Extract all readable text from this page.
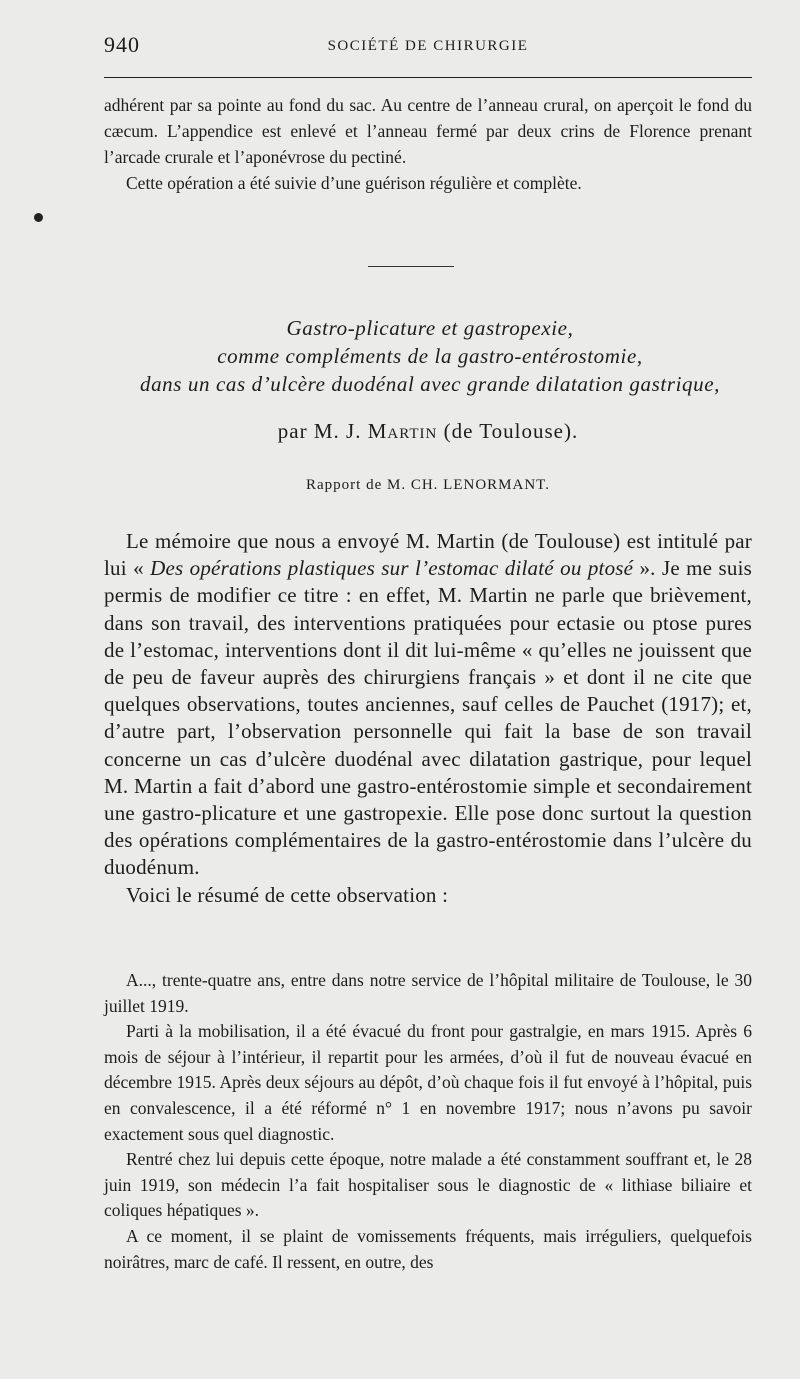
940	SOCIÉTÉ DE CHIRURGIE

adhérent par sa pointe au fond du sac. Au centre de l’anneau crural, on aperçoit le fond du cæcum. L’appendice est enlevé et l’anneau fermé par deux crins de Florence prenant l’arcade crurale et l’aponévrose du pectiné.

Cette opération a été suivie d’une guérison régulière et complète.

Gastro-plicature et gastropexie,
comme compléments de la gastro-entérostomie,
dans un cas d’ulcère duodénal avec grande dilatation gastrique,
par M. J. Martin (de Toulouse).
Rapport de M. CH. LENORMANT.

Le mémoire que nous a envoyé M. Martin (de Toulouse) est intitulé par lui « Des opérations plastiques sur l’estomac dilaté ou ptosé ». Je me suis permis de modifier ce titre : en effet, M. Martin ne parle que brièvement, dans son travail, des interventions pratiquées pour ectasie ou ptose pures de l’estomac, interventions dont il dit lui-même « qu’elles ne jouissent que de peu de faveur auprès des chirurgiens français » et dont il ne cite que quelques observations, toutes anciennes, sauf celles de Pauchet (1917); et, d’autre part, l’observation personnelle qui fait la base de son travail concerne un cas d’ulcère duodénal avec dilatation gastrique, pour lequel M. Martin a fait d’abord une gastro-entérostomie simple et secondairement une gastro-plicature et une gastropexie. Elle pose donc surtout la question des opérations complémentaires de la gastro-entérostomie dans l’ulcère du duodénum.

Voici le résumé de cette observation :

A..., trente-quatre ans, entre dans notre service de l’hôpital militaire de Toulouse, le 30 juillet 1919.

Parti à la mobilisation, il a été évacué du front pour gastralgie, en mars 1915. Après 6 mois de séjour à l’intérieur, il repartit pour les armées, d’où il fut de nouveau évacué en décembre 1915. Après deux séjours au dépôt, d’où chaque fois il fut envoyé à l’hôpital, puis en convalescence, il a été réformé n° 1 en novembre 1917; nous n’avons pu savoir exactement sous quel diagnostic.

Rentré chez lui depuis cette époque, notre malade a été constamment souffrant et, le 28 juin 1919, son médecin l’a fait hospitaliser sous le diagnostic de « lithiase biliaire et coliques hépatiques ».

A ce moment, il se plaint de vomissements fréquents, mais irréguliers, quelquefois noirâtres, marc de café. Il ressent, en outre, des
